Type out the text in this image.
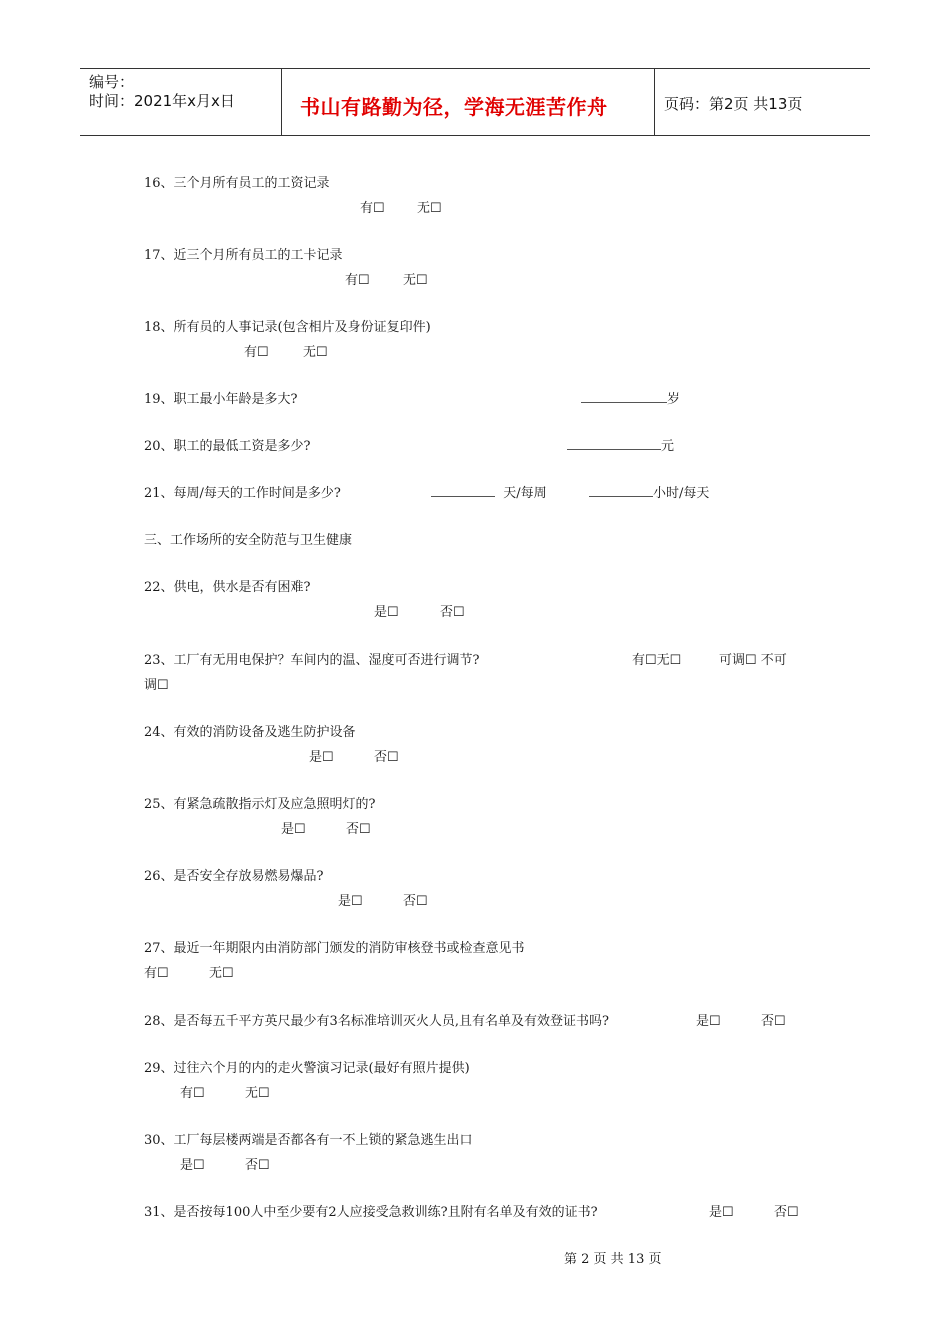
编号：
时间：2021年x月x日	书山有路勤为径，学海无涯苦作舟	页码：第2页 共13页
16、三个月所有员工的工资记录
有☐ 无☐
17、近三个月所有员工的工卡记录
有☐	无☐
18、所有员的人事记录(包含相片及身份证复印件)
有☐	无☐
19、职工最小年龄是多大?	岁
20、职工的最低工资是多少?	元
21、每周/每天的工作时间是多少?	天/每周	小时/每天
三、工作场所的安全防范与卫生健康
22、供电，供水是否有困难?
是☐	否☐
23、工厂有无用电保护？车间内的温、湿度可否进行调节?	有☐无☐	可调☐ 不可
调☐
24、有效的消防设备及逃生防护设备
是☐	否☐
25、有紧急疏散指示灯及应急照明灯的?
是☐	否☐
26、是否安全存放易燃易爆品?
是☐	否☐
27、最近一年期限内由消防部门颁发的消防审核登书或检查意见书
有☐	无☐
28、是否每五千平方英尺最少有3名标准培训灭火人员,且有名单及有效登证书吗?	是☐	否☐
29、过往六个月的内的走火警演习记录(最好有照片提供)
有☐	无☐
30、工厂每层楼两端是否都各有一不上锁的紧急逃生出口
是☐	否☐
31、是否按每100人中至少要有2人应接受急救训练?且附有名单及有效的证书?	是☐	否☐
第 2 页 共 13 页
